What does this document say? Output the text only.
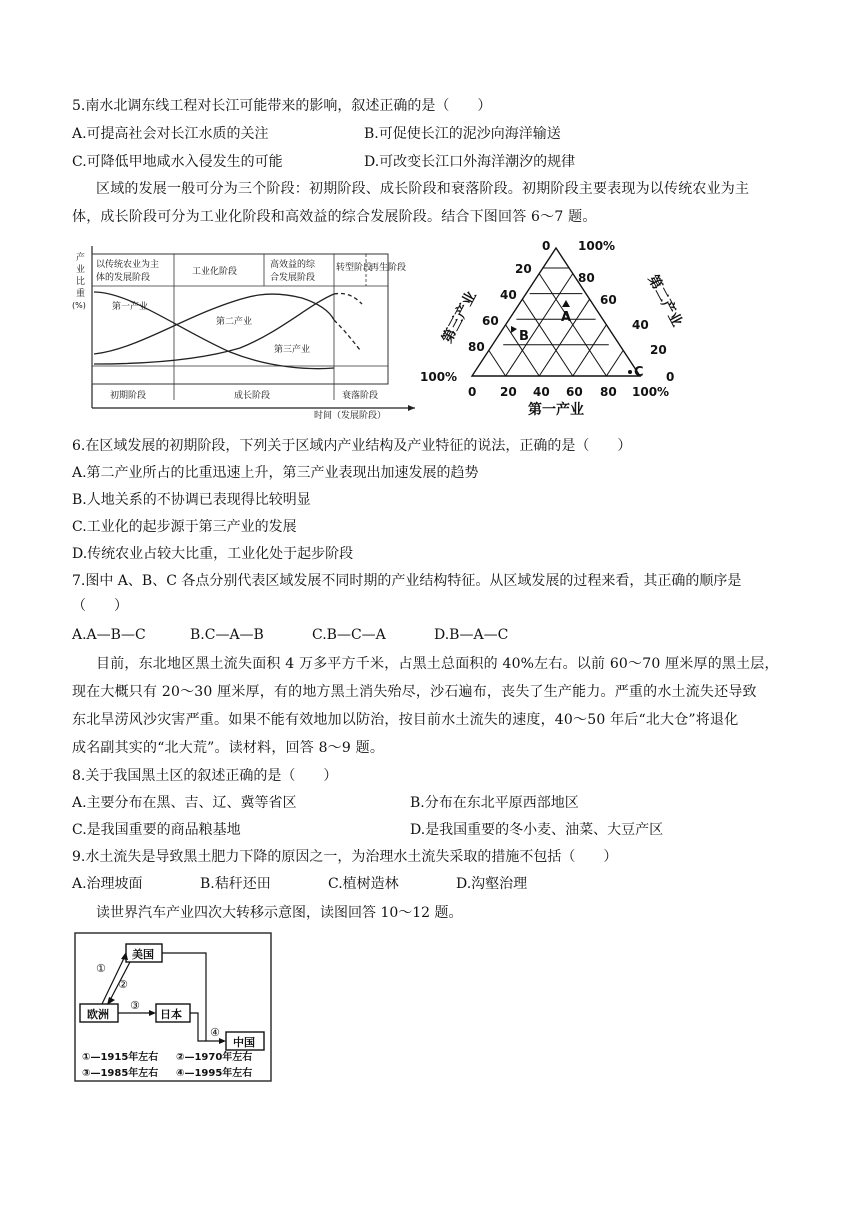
5.南水北调东线工程对长江可能带来的影响，叙述正确的是（　　）
A.可提高社会对长江水质的关注	B.可促使长江的泥沙向海洋输送
C.可降低甲地咸水入侵发生的可能	D.可改变长江口外海洋潮汐的规律
区域的发展一般可分为三个阶段：初期阶段、成长阶段和衰落阶段。初期阶段主要表现为以传统农业为主
体，成长阶段可分为工业化阶段和高效益的综合发展阶段。结合下图回答 6～7 题。
产
业
比
重
(%)
以传统农业为主
体的发展阶段
工业化阶段
高效益的综
合发展阶段
转型阶段
再生阶段
第一产业
第二产业
第三产业
初期阶段	成长阶段	衰落阶段
时间（发展阶段）
A
B
C
0 100%
20
40
60
80
100%
80
60
40
20
0
0 20 40 60 80 100%
第一产业
第三产业	第二产业
6.在区域发展的初期阶段，下列关于区域内产业结构及产业特征的说法，正确的是（　　）
A.第二产业所占的比重迅速上升，第三产业表现出加速发展的趋势
B.人地关系的不协调已表现得比较明显
C.工业化的起步源于第三产业的发展
D.传统农业占较大比重，工业化处于起步阶段
7.图中 A、B、C 各点分别代表区域发展不同时期的产业结构特征。从区域发展的过程来看，其正确的顺序是
（　　）
A.A—B—C	B.C—A—B	C.B—C—A	D.B—A—C
目前，东北地区黑土流失面积 4 万多平方千米，占黑土总面积的 40%左右。以前 60～70 厘米厚的黑土层，
现在大概只有 20～30 厘米厚，有的地方黑土消失殆尽，沙石遍布，丧失了生产能力。严重的水土流失还导致
东北旱涝风沙灾害严重。如果不能有效地加以防治，按目前水土流失的速度，40～50 年后“北大仓”将退化
成名副其实的“北大荒”。读材料，回答 8～9 题。
8.关于我国黑土区的叙述正确的是（　　）
A.主要分布在黑、吉、辽、冀等省区	B.分布在东北平原西部地区
C.是我国重要的商品粮基地	D.是我国重要的冬小麦、油菜、大豆产区
9.水土流失是导致黑土肥力下降的原因之一，为治理水土流失采取的措施不包括（　　）
A.治理坡面	B.秸秆还田	C.植树造林	D.沟壑治理
读世界汽车产业四次大转移示意图，读图回答 10～12 题。
美国
欧洲	日本
中国
①
②
③
④
①—1915年左右 ②—1970年左右
③—1985年左右 ④—1995年左右
